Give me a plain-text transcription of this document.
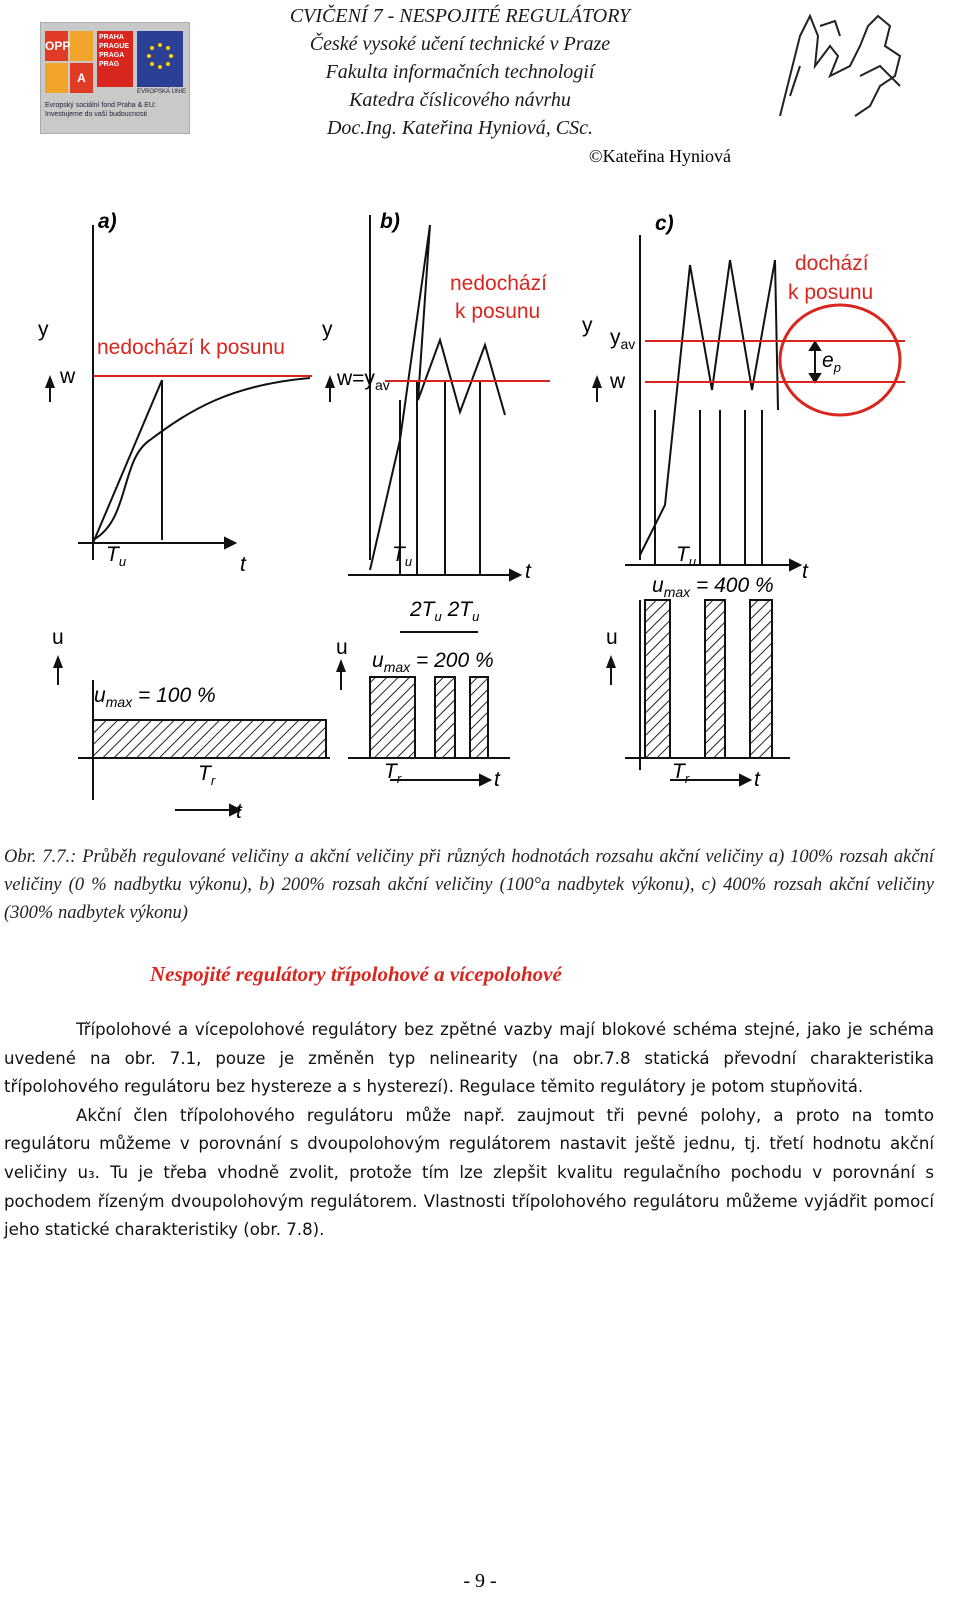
CVIČENÍ 7 - NESPOJITÉ REGULÁTORY
České vysoké učení technické v Praze
Fakulta informačních technologií
Katedra číslicového návrhu
Doc.Ing. Kateřina Hyniová, CSc.
©Kateřina Hyniová
OPP
A
PRAHA PRAGUE PRAGA PRAG
EVROPSKÁ UNIE
Evropský sociální fond Praha & EU: Investujeme do vaší budoucnosti
a)	b)	c)
nedochází k posunu
nedochází
k posunu
dochází
k posunu
y
w
y
$w=y_{av}$
y
$y_{av}$
w
u	u	u
$u_{max} = 100$ %
$u_{max} = 200$ %
$u_{max} = 400$ %
$T_u$	$T_u$	$T_u$
t	t	t
$2T_u$ $2T_u$
$T_r$	$T_r$	$T_r$
t
t	t
$e_p$
Obr. 7.7.: Průběh regulované veličiny a akční veličiny při různých hodnotách rozsahu akční veličiny a) 100% rozsah akční veličiny (0 % nadbytku výkonu), b) 200% rozsah akční veličiny (100°a nadbytek výkonu), c) 400% rozsah akční veličiny (300% nadbytek výkonu)
Nespojité regulátory třípolohové a vícepolohové

Třípolohové a vícepolohové regulátory bez zpětné vazby mají blokové schéma stejné, jako je schéma uvedené na obr. 7.1, pouze je změněn typ nelinearity (na obr.7.8 statická převodní charakteristika třípolohového regulátoru bez hystereze a s hysterezí). Regulace těmito regulátory je potom stupňovitá.

Akční člen třípolohového regulátoru může např. zaujmout tři pevné polohy, a proto na tomto regulátoru můžeme v porovnání s dvoupolohovým regulátorem nastavit ještě jednu, tj. třetí hodnotu akční veličiny u₃. Tu je třeba vhodně zvolit, protože tím lze zlepšit kvalitu regulačního pochodu v porovnání s pochodem řízeným dvoupolohovým regulátorem. Vlastnosti třípolohového regulátoru můžeme vyjádřit pomocí jeho statické charakteristiky (obr. 7.8).

- 9 -
